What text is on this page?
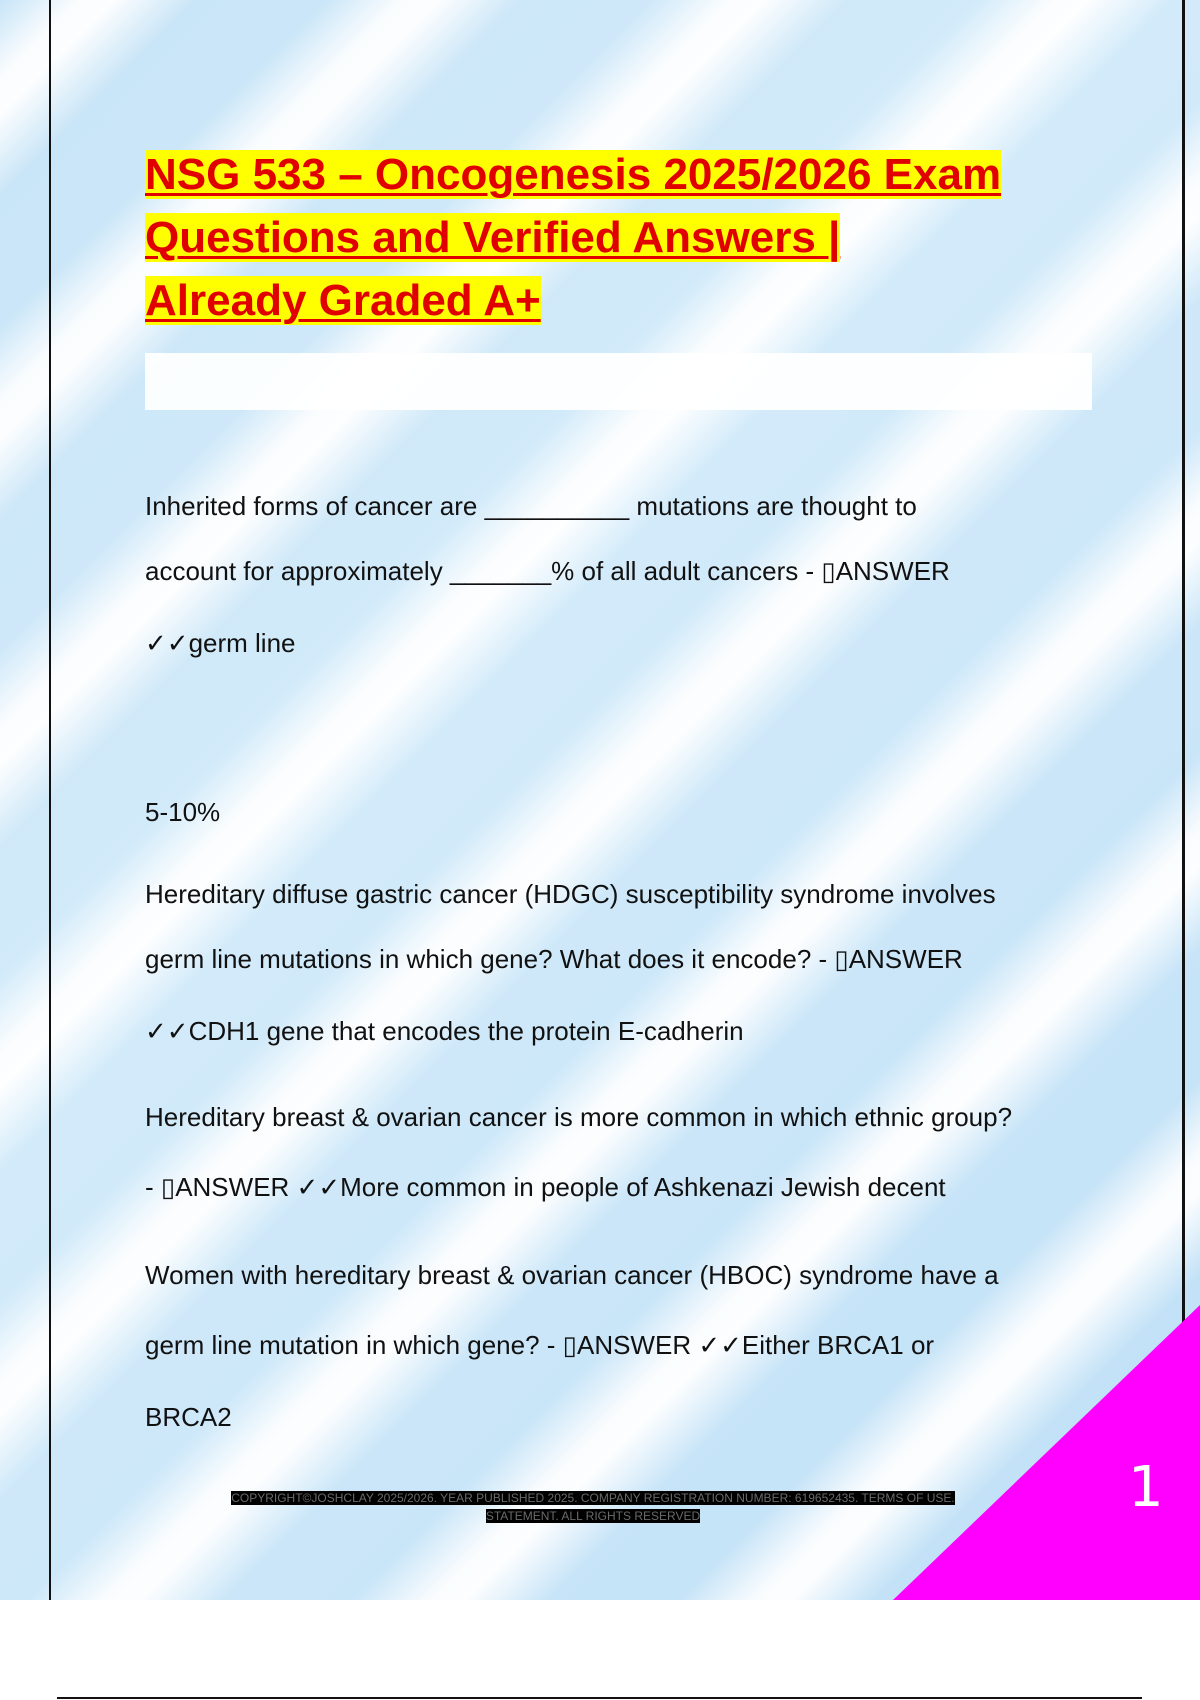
NSG 533 – Oncogenesis 2025/2026 Exam
Questions and Verified Answers |
Already Graded A+
Inherited forms of cancer are __________ mutations are thought to
account for approximately _______% of all adult cancers - ▯ANSWER
✓✓germ line
5-10%
Hereditary diffuse gastric cancer (HDGC) susceptibility syndrome involves
germ line mutations in which gene? What does it encode? - ▯ANSWER
✓✓CDH1 gene that encodes the protein E-cadherin
Hereditary breast & ovarian cancer is more common in which ethnic group?
- ▯ANSWER ✓✓More common in people of Ashkenazi Jewish decent
Women with hereditary breast & ovarian cancer (HBOC) syndrome have a
germ line mutation in which gene? - ▯ANSWER ✓✓Either BRCA1 or
BRCA2
1
COPYRIGHT©JOSHCLAY 2025/2026. YEAR PUBLISHED 2025. COMPANY REGISTRATION NUMBER: 619652435. TERMS OF USE.
STATEMENT. ALL RIGHTS RESERVED
